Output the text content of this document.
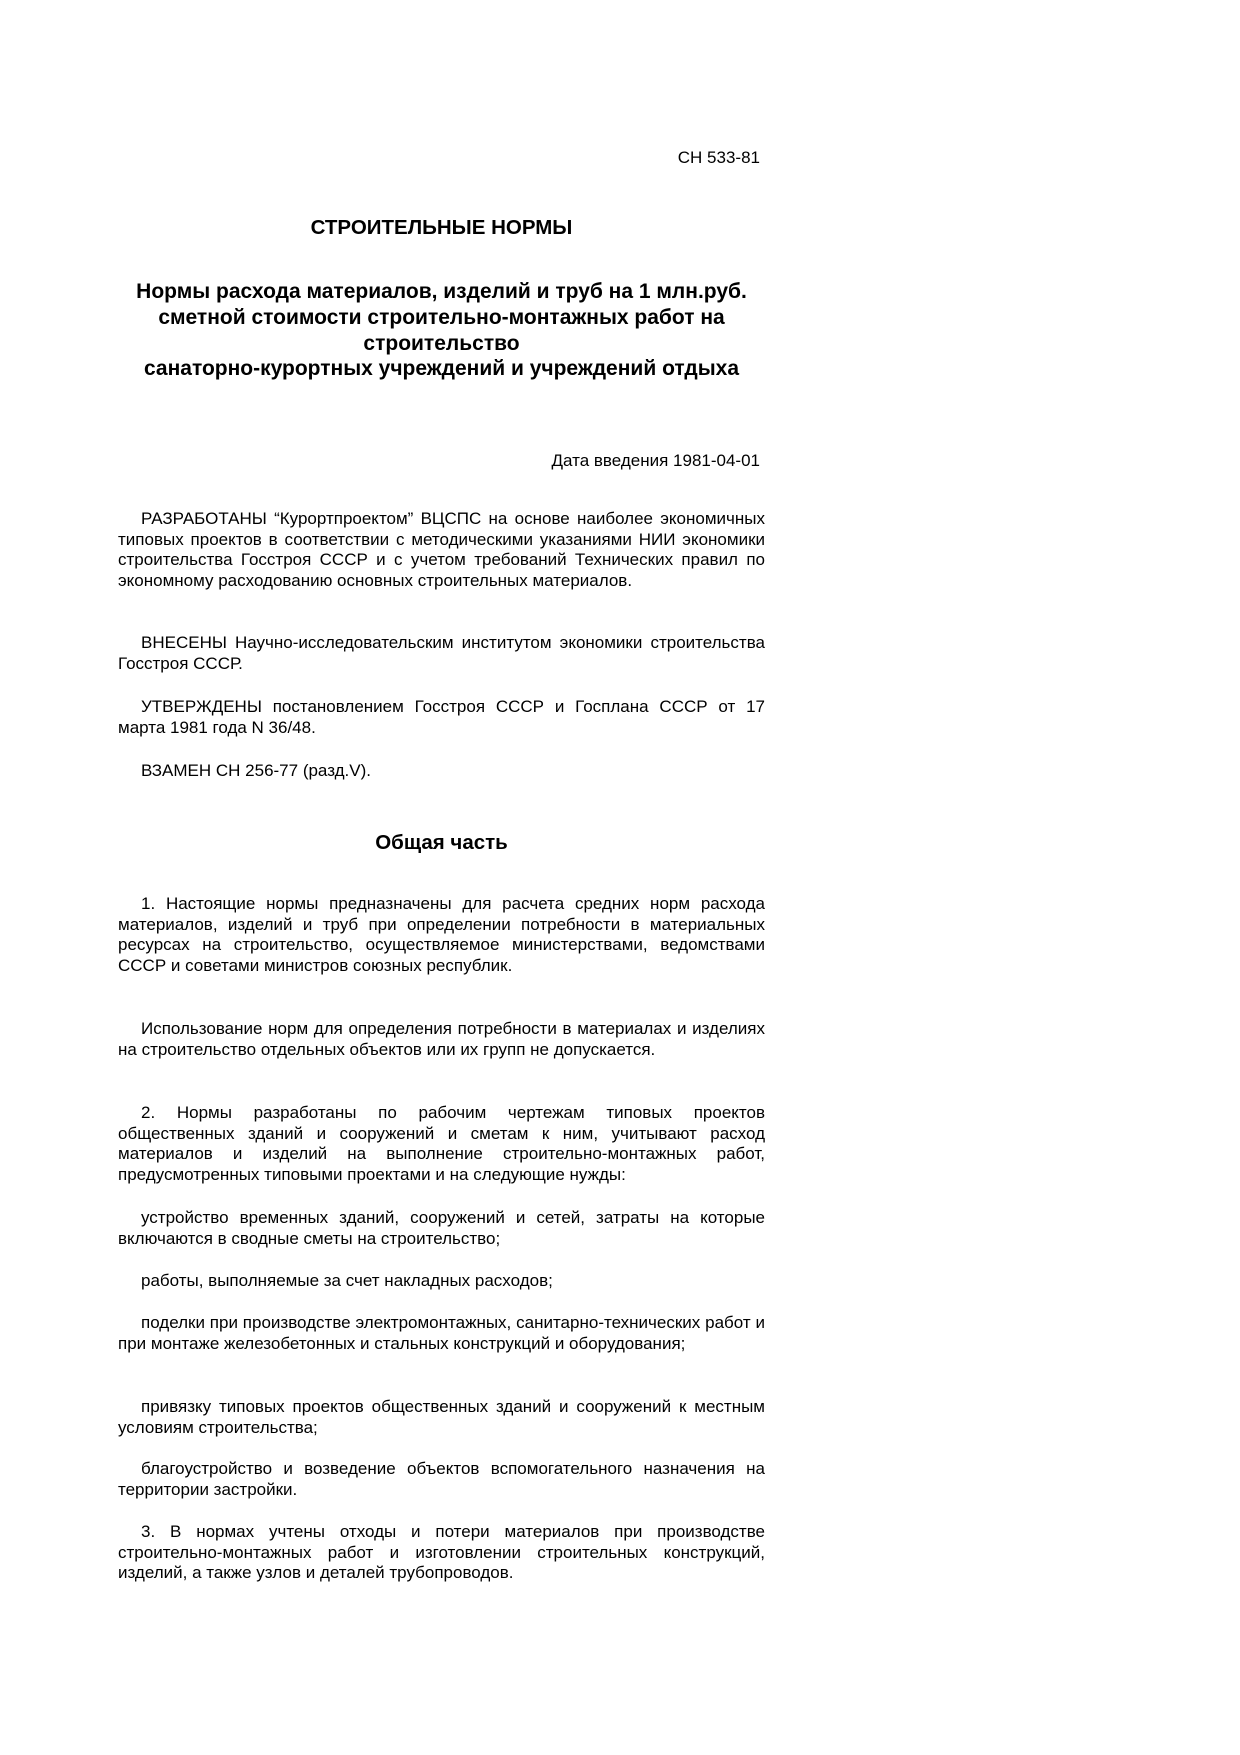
СН 533-81
СТРОИТЕЛЬНЫЕ НОРМЫ
Нормы расхода материалов, изделий и труб на 1 млн.руб.
сметной стоимости строительно-монтажных работ на строительство
санаторно-курортных учреждений и учреждений отдыха
Дата введения 1981-04-01

РАЗРАБОТАНЫ “Курортпроектом” ВЦСПС на основе наиболее экономичных типовых проектов в соответствии с методическими указаниями НИИ экономики строительства Госстроя СССР и с учетом требований Технических правил по экономному расходованию основных строительных материалов.

ВНЕСЕНЫ Научно-исследовательским институтом экономики строительства Госстроя СССР.

УТВЕРЖДЕНЫ постановлением Госстроя СССР и Госплана СССР от 17 марта 1981 года N 36/48.

ВЗАМЕН СН 256-77 (разд.V).

Общая часть

1. Настоящие нормы предназначены для расчета средних норм расхода материалов, изделий и труб при определении потребности в материальных ресурсах на строительство, осуществляемое министерствами, ведомствами СССР и советами министров союзных республик.

Использование норм для определения потребности в материалах и изделиях на строительство отдельных объектов или их групп не допускается.

2. Нормы разработаны по рабочим чертежам типовых проектов общественных зданий и сооружений и сметам к ним, учитывают расход материалов и изделий на выполнение строительно-монтажных работ, предусмотренных типовыми проектами и на следующие нужды:

устройство временных зданий, сооружений и сетей, затраты на которые включаются в сводные сметы на строительство;

работы, выполняемые за счет накладных расходов;

поделки при производстве электромонтажных, санитарно-технических работ и при монтаже железобетонных и стальных конструкций и оборудования;

привязку типовых проектов общественных зданий и сооружений к местным условиям строительства;

благоустройство и возведение объектов вспомогательного назначения на территории застройки.

3. В нормах учтены отходы и потери материалов при производстве строительно-монтажных работ и изготовлении строительных конструкций, изделий, а также узлов и деталей трубопроводов.
